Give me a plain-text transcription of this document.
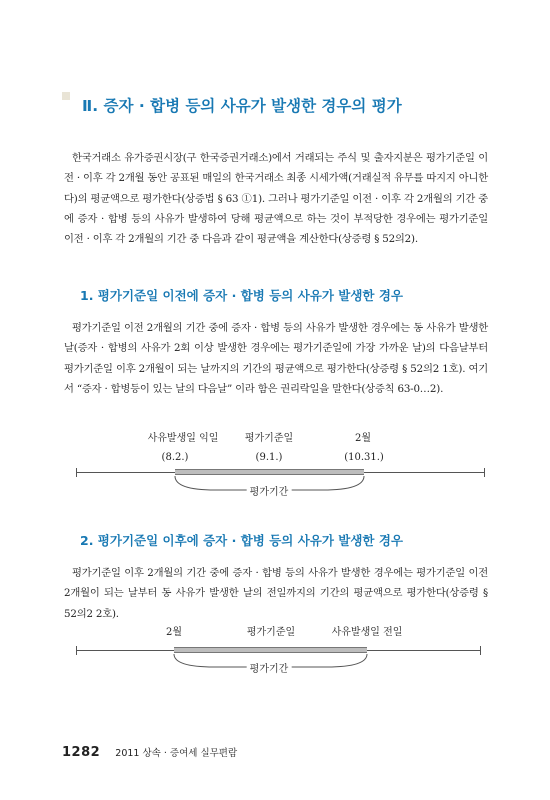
Ⅱ. 증자 · 합병 등의 사유가 발생한 경우의 평가

한국거래소 유가증권시장(구 한국증권거래소)에서 거래되는 주식 및 출자지분은 평가기준일 이전 · 이후 각 2개월 동안 공표된 매일의 한국거래소 최종 시세가액(거래실적 유무를 따지지 아니한다)의 평균액으로 평가한다(상증법 § 63 ①1). 그러나 평가기준일 이전 · 이후 각 2개월의 기간 중에 증자 · 합병 등의 사유가 발생하여 당해 평균액으로 하는 것이 부적당한 경우에는 평가기준일 이전 · 이후 각 2개월의 기간 중 다음과 같이 평균액을 계산한다(상증령 § 52의2).

1. 평가기준일 이전에 증자 · 합병 등의 사유가 발생한 경우

평가기준일 이전 2개월의 기간 중에 증자 · 합병 등의 사유가 발생한 경우에는 동 사유가 발생한 날(증자 · 합병의 사유가 2회 이상 발생한 경우에는 평가기준일에 가장 가까운 날)의 다음날부터 평가기준일 이후 2개월이 되는 날까지의 기간의 평균액으로 평가한다(상증령 § 52의2 1호). 여기서 “증자 · 합병등이 있는 날의 다음날” 이라 함은 권리락일을 말한다(상증칙 63-0…2).

사유발생일 익일	평가기준일	2월
(8.2.)	(9.1.)	(10.31.)
평가기간
2. 평가기준일 이후에 증자 · 합병 등의 사유가 발생한 경우

평가기준일 이후 2개월의 기간 중에 증자 · 합병 등의 사유가 발생한 경우에는 평가기준일 이전 2개월이 되는 날부터 동 사유가 발생한 날의 전일까지의 기간의 평균액으로 평가한다(상증령 § 52의2 2호).

2월	평가기준일	사유발생일 전일
평가기간
1282 2011 상속 · 증여세 실무편람
